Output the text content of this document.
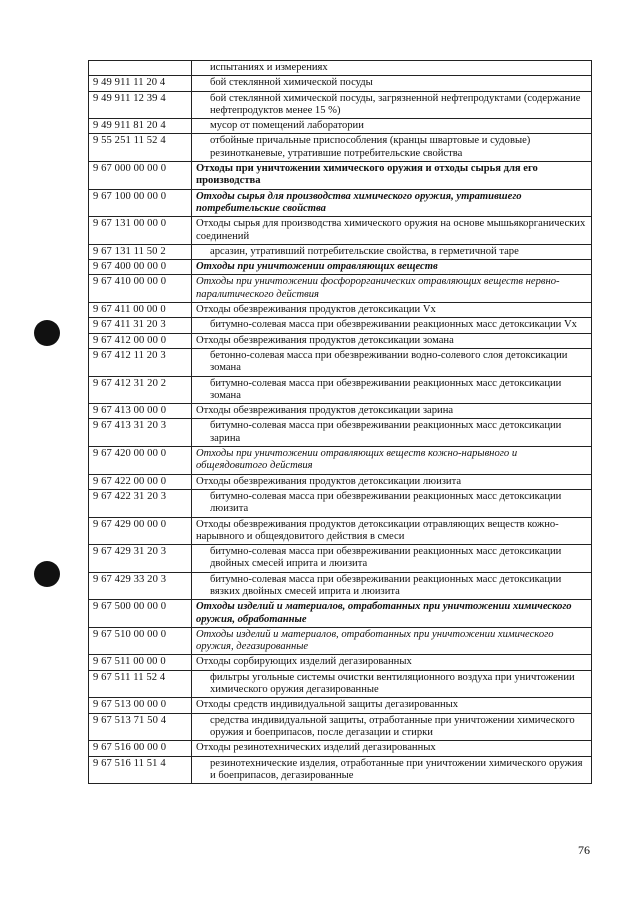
	испытаниях и измерениях
9 49 911 11 20 4	бой стеклянной химической посуды
9 49 911 12 39 4	бой стеклянной химической посуды, загрязненной нефтепродуктами (содержание нефтепродуктов менее 15 %)
9 49 911 81 20 4	мусор от помещений лаборатории
9 55 251 11 52 4	отбойные причальные приспособления (кранцы швартовые и судовые) резинотканевые, утратившие потребительские свойства
9 67 000 00 00 0	Отходы при уничтожении химического оружия и отходы сырья для его производства
9 67 100 00 00 0	Отходы сырья для производства химического оружия, утратившего потребительские свойства
9 67 131 00 00 0	Отходы сырья для производства химического оружия на основе мышьякорганических соединений
9 67 131 11 50 2	арсазин, утративший потребительские свойства, в герметичной таре
9 67 400 00 00 0	Отходы при уничтожении отравляющих веществ
9 67 410 00 00 0	Отходы при уничтожении фосфорорганических отравляющих веществ нервно-паралитического действия
9 67 411 00 00 0	Отходы обезвреживания продуктов детоксикации Vx
9 67 411 31 20 3	битумно-солевая масса при обезвреживании реакционных масс детоксикации Vx
9 67 412 00 00 0	Отходы обезвреживания продуктов детоксикации зомана
9 67 412 11 20 3	бетонно-солевая масса при обезвреживании водно-солевого слоя детоксикации зомана
9 67 412 31 20 2	битумно-солевая масса при обезвреживании реакционных масс детоксикации зомана
9 67 413 00 00 0	Отходы обезвреживания продуктов детоксикации зарина
9 67 413 31 20 3	битумно-солевая масса при обезвреживании реакционных масс детоксикации зарина
9 67 420 00 00 0	Отходы при уничтожении отравляющих веществ кожно-нарывного и общеядовитого действия
9 67 422 00 00 0	Отходы обезвреживания продуктов детоксикации люизита
9 67 422 31 20 3	битумно-солевая масса при обезвреживании реакционных масс детоксикации люизита
9 67 429 00 00 0	Отходы обезвреживания продуктов детоксикации отравляющих веществ кожно-нарывного и общеядовитого действия в смеси
9 67 429 31 20 3	битумно-солевая масса при обезвреживании реакционных масс детоксикации двойных смесей иприта и люизита
9 67 429 33 20 3	битумно-солевая масса при обезвреживании реакционных масс детоксикации вязких двойных смесей иприта и люизита
9 67 500 00 00 0	Отходы изделий и материалов, отработанных при уничтожении химического оружия, обработанные
9 67 510 00 00 0	Отходы изделий и материалов, отработанных при уничтожении химического оружия, дегазированные
9 67 511 00 00 0	Отходы сорбирующих изделий дегазированных
9 67 511 11 52 4	фильтры угольные системы очистки вентиляционного воздуха при уничтожении химического оружия дегазированные
9 67 513 00 00 0	Отходы средств индивидуальной защиты дегазированных
9 67 513 71 50 4	средства индивидуальной защиты, отработанные при уничтожении химического оружия и боеприпасов, после дегазации и стирки
9 67 516 00 00 0	Отходы резинотехнических изделий дегазированных
9 67 516 11 51 4	резинотехнические изделия, отработанные при уничтожении химического оружия и боеприпасов, дегазированные
76
